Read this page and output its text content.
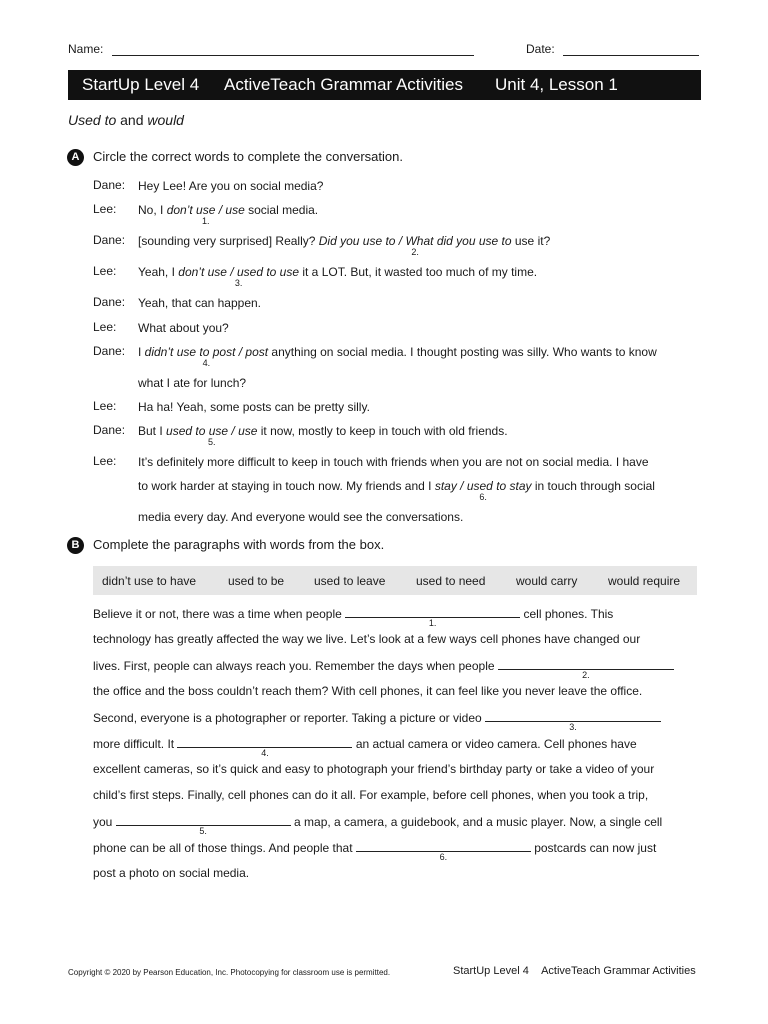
Name:	Date:
StartUp Level 4 ActiveTeach Grammar Activities Unit 4, Lesson 1
Used to and would
A	Circle the correct words to complete the conversation.
Dane: Hey Lee! Are you on social media?
Lee: No, I don’t use / use
1.
social media.
Dane: [sounding very surprised] Really? Did you use to / What did you use to
2.
use it?
Lee: Yeah, I don’t use / used to use
3.
it a LOT. But, it wasted too much of my time.
Dane: Yeah, that can happen.
Lee: What about you?
Dane: I didn’t use to post / post
4.
anything on social media. I thought posting was silly. Who wants to know
what I ate for lunch?
Lee: Ha ha! Yeah, some posts can be pretty silly.
Dane: But I used to use / use
5.
it now, mostly to keep in touch with old friends.
Lee: It’s definitely more difficult to keep in touch with friends when you are not on social media. I have
to work harder at staying in touch now. My friends and I stay / used to stay
6.
in touch through social
media every day. And everyone would see the conversations.
B	Complete the paragraphs with words from the box.
didn’t use to have	used to be used to leave	used to need	would carry	would require
Believe it or not, there was a time when people
1.
cell phones. This
technology has greatly affected the way we live. Let’s look at a few ways cell phones have changed our
lives. First, people can always reach you. Remember the days when people
2.
the office and the boss couldn’t reach them? With cell phones, it can feel like you never leave the office.
Second, everyone is a photographer or reporter. Taking a picture or video
3.
more difficult. It
4.
an actual camera or video camera. Cell phones have
excellent cameras, so it’s quick and easy to photograph your friend’s birthday party or take a video of your
child’s first steps. Finally, cell phones can do it all. For example, before cell phones, when you took a trip,
you
5.
a map, a camera, a guidebook, and a music player. Now, a single cell
phone can be all of those things. And people that
6.
postcards can now just
post a photo on social media.
Copyright © 2020 by Pearson Education, Inc. Photocopying for classroom use is permitted.	StartUp Level 4 ActiveTeach Grammar Activities
